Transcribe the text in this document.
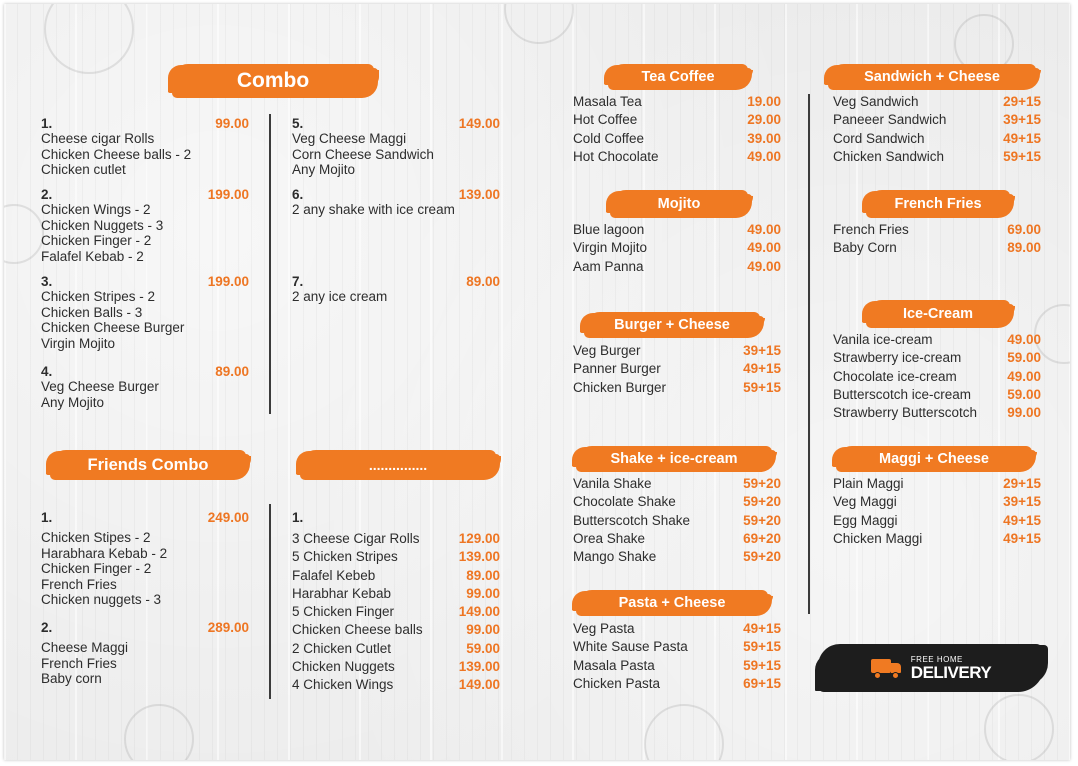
Combo
1.	99.00
Cheese cigar Rolls
Chicken Cheese balls - 2
Chicken cutlet
2.	199.00
Chicken Wings - 2
Chicken Nuggets - 3
Chicken Finger - 2
Falafel Kebab - 2
3.	199.00
Chicken Stripes - 2
Chicken Balls - 3
Chicken Cheese Burger
Virgin Mojito
4.	89.00
Veg Cheese Burger
Any Mojito
5.	149.00
Veg Cheese Maggi
Corn Cheese Sandwich
Any Mojito
6.	139.00
2 any shake with ice cream
7.	89.00
2 any ice cream
Friends Combo
1.	249.00
Chicken Stipes - 2
Harabhara Kebab - 2
Chicken Finger - 2
French Fries
Chicken nuggets - 3
2.	289.00
Cheese Maggi
French Fries
Baby corn
...............
1.
3 Cheese Cigar Rolls	129.00
5 Chicken Stripes	139.00
Falafel Kebeb	89.00
Harabhar Kebab	99.00
5 Chicken Finger	149.00
Chicken Cheese balls	99.00
2 Chicken Cutlet	59.00
Chicken Nuggets	139.00
4 Chicken Wings	149.00
Tea Coffee
Masala Tea	19.00
Hot Coffee	29.00
Cold Coffee	39.00
Hot Chocolate	49.00
Mojito
Blue lagoon	49.00
Virgin Mojito	49.00
Aam Panna	49.00
Burger + Cheese
Veg Burger	39+15
Panner Burger	49+15
Chicken Burger	59+15
Shake + ice-cream
Vanila Shake	59+20
Chocolate Shake	59+20
Butterscotch Shake	59+20
Orea Shake	69+20
Mango Shake	59+20
Pasta + Cheese
Veg Pasta	49+15
White Sause Pasta	59+15
Masala Pasta	59+15
Chicken Pasta	69+15
Sandwich + Cheese
Veg Sandwich	29+15
Paneeer Sandwich	39+15
Cord Sandwich	49+15
Chicken Sandwich	59+15
French Fries
French Fries	69.00
Baby Corn	89.00
Ice-Cream
Vanila ice-cream	49.00
Strawberry ice-cream	59.00
Chocolate ice-cream	49.00
Butterscotch ice-cream	59.00
Strawberry Butterscotch 99.00
Maggi + Cheese
Plain Maggi	29+15
Veg Maggi	39+15
Egg Maggi	49+15
Chicken Maggi	49+15
FREE HOME
DELIVERY
